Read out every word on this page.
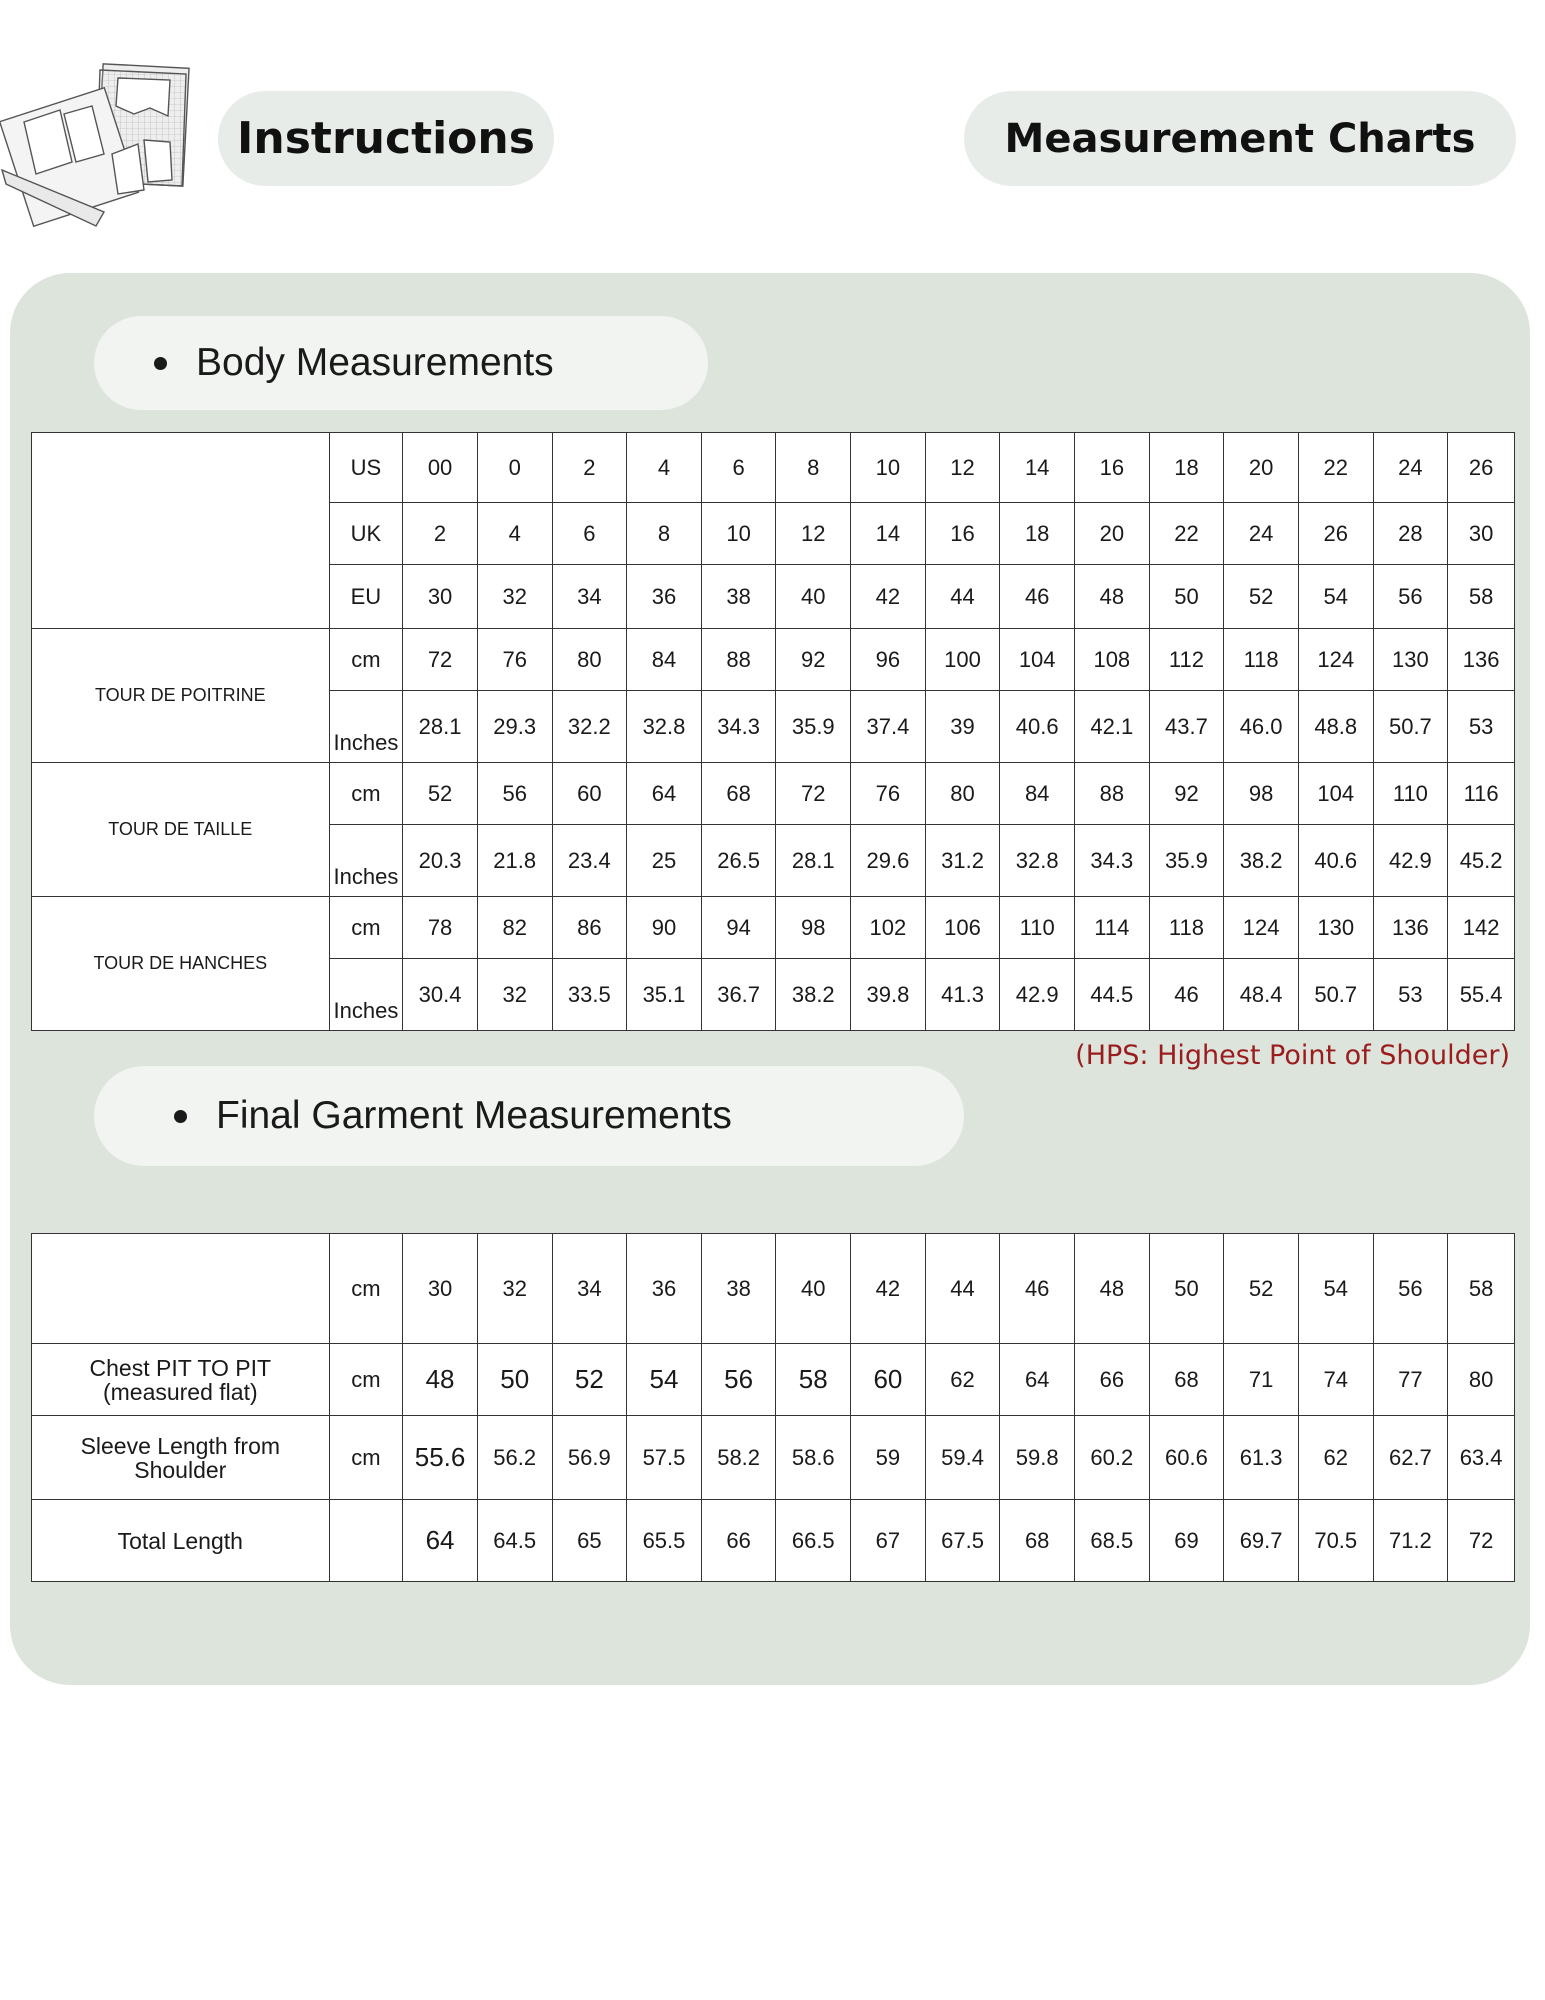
Instructions	Measurement Charts
Body Measurements
	US	00	0	2	4	6	8	10	12	14	16	18	20	22	24	26
	UK	2	4	6	8	10	12	14	16	18	20	22	24	26	28	30
	EU	30	32	34	36	38	40	42	44	46	48	50	52	54	56	58
TOUR DE POITRINE	cm	72	76	80	84	88	92	96	100	104	108	112	118	124	130	136
	Inches	28.1	29.3	32.2	32.8	34.3	35.9	37.4	39	40.6	42.1	43.7	46.0	48.8	50.7	53
TOUR DE TAILLE	cm	52	56	60	64	68	72	76	80	84	88	92	98	104	110	116
	Inches	20.3	21.8	23.4	25	26.5	28.1	29.6	31.2	32.8	34.3	35.9	38.2	40.6	42.9	45.2
TOUR DE HANCHES	cm	78	82	86	90	94	98	102	106	110	114	118	124	130	136	142
	Inches	30.4	32	33.5	35.1	36.7	38.2	39.8	41.3	42.9	44.5	46	48.4	50.7	53	55.4
(HPS: Highest Point of Shoulder)
Final Garment Measurements
	cm	30	32	34	36	38	40	42	44	46	48	50	52	54	56	58
Chest PIT TO PIT (measured flat)	cm	48	50	52	54	56	58	60	62	64	66	68	71	74	77	80
Sleeve Length from Shoulder	cm	55.6	56.2	56.9	57.5	58.2	58.6	59	59.4	59.8	60.2	60.6	61.3	62	62.7	63.4
Total Length		64	64.5	65	65.5	66	66.5	67	67.5	68	68.5	69	69.7	70.5	71.2	72
